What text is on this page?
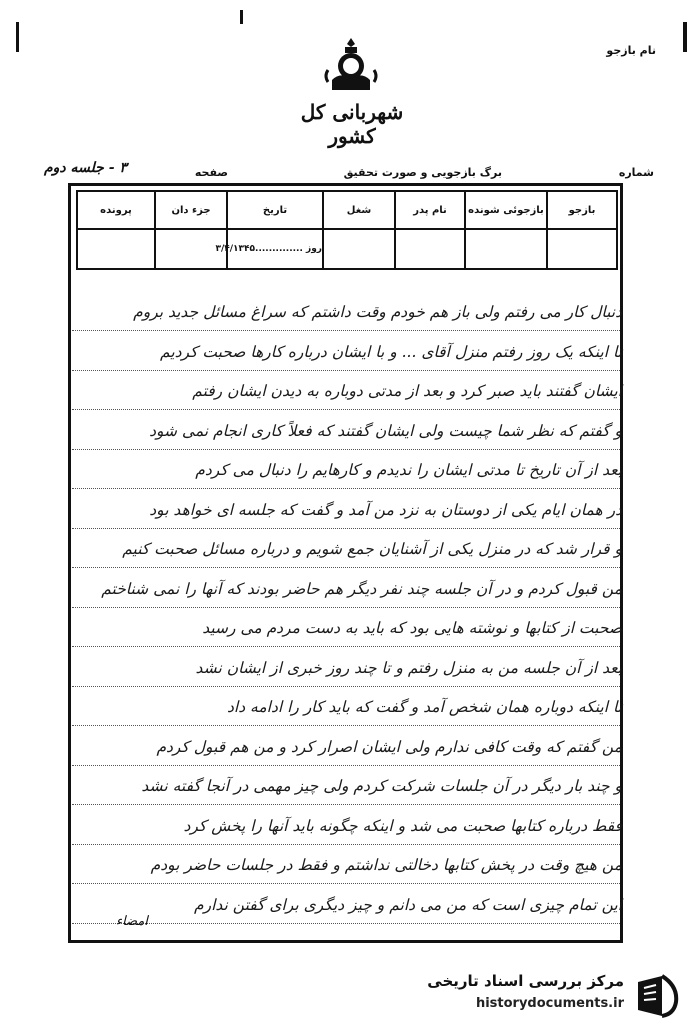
نام بازجو
شهربانی کل کشور
شماره
برگ بازجویی و صورت تحقیق
صفحه
۳ - جلسه دوم
بازجو	بازجوئی شونده	نام پدر	شغل	تاریخ	جزء دان	پرونده
				روز ..............۳/۴/۱۳۴۵		
دنبال کار می رفتم ولی باز هم خودم وقت داشتم که سراغ مسائل جدید بروم
تا اینکه یک روز رفتم منزل آقای ... و با ایشان درباره کارها صحبت کردیم
ایشان گفتند باید صبر کرد و بعد از مدتی دوباره به دیدن ایشان رفتم
و گفتم که نظر شما چیست ولی ایشان گفتند که فعلاً کاری انجام نمی شود
بعد از آن تاریخ تا مدتی ایشان را ندیدم و کارهایم را دنبال می کردم
در همان ایام یکی از دوستان به نزد من آمد و گفت که جلسه ای خواهد بود
و قرار شد که در منزل یکی از آشنایان جمع شویم و درباره مسائل صحبت کنیم
من قبول کردم و در آن جلسه چند نفر دیگر هم حاضر بودند که آنها را نمی شناختم
صحبت از کتابها و نوشته هایی بود که باید به دست مردم می رسید
بعد از آن جلسه من به منزل رفتم و تا چند روز خبری از ایشان نشد
تا اینکه دوباره همان شخص آمد و گفت که باید کار را ادامه داد
من گفتم که وقت کافی ندارم ولی ایشان اصرار کرد و من هم قبول کردم
و چند بار دیگر در آن جلسات شرکت کردم ولی چیز مهمی در آنجا گفته نشد
فقط درباره کتابها صحبت می شد و اینکه چگونه باید آنها را پخش کرد
من هیچ وقت در پخش کتابها دخالتی نداشتم و فقط در جلسات حاضر بودم
این تمام چیزی است که من می دانم و چیز دیگری برای گفتن ندارم
امضاء
مرکز بررسی اسناد تاریخی
historydocuments.ir
